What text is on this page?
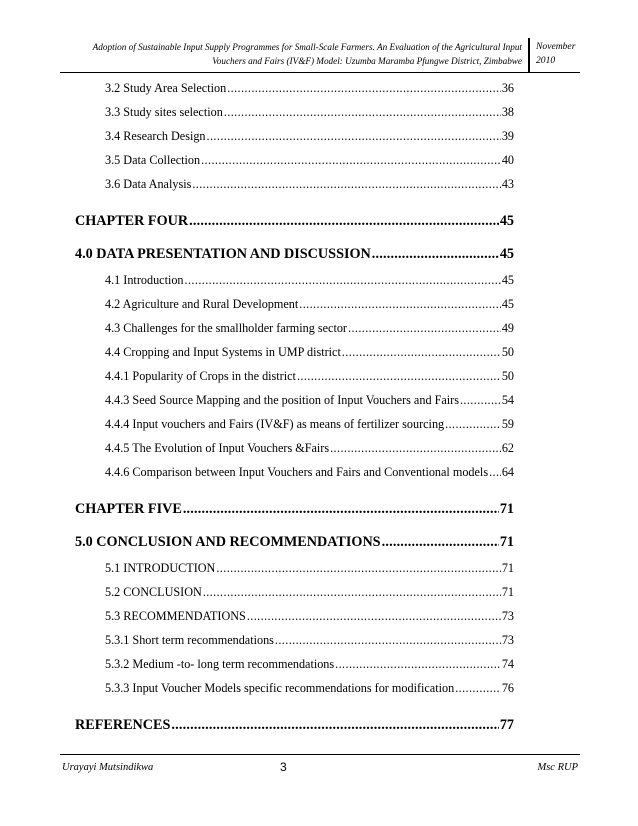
Adoption of Sustainable Input Supply Programmes for Small-Scale Farmers. An Evaluation of the Agricultural Input
Vouchers and Fairs (IV&F) Model: Uzumba Maramba Pfungwe District, Zimbabwe
November
2010
3.2 Study Area Selection .....	36
3.3 Study sites selection .....	38
3.4 Research Design .....	39
3.5 Data Collection .....	40
3.6 Data Analysis .....	43
CHAPTER FOUR .....	45
4.0 DATA PRESENTATION AND DISCUSSION .....	45
4.1 Introduction .....	45
4.2 Agriculture and Rural Development .....	45
4.3 Challenges for the smallholder farming sector .....	49
4.4 Cropping and Input Systems in UMP district .....	50
4.4.1 Popularity of Crops in the district .....	50
4.4.3 Seed Source Mapping and the position of Input Vouchers and Fairs .....	54
4.4.4 Input vouchers and Fairs (IV&F) as means of fertilizer sourcing .....	59
4.4.5 The Evolution of Input Vouchers &Fairs .....	62
4.4.6 Comparison between Input Vouchers and Fairs and Conventional models ..... 64
CHAPTER FIVE .....	71
5.0 CONCLUSION AND RECOMMENDATIONS .....	71
5.1 INTRODUCTION .....	71
5.2 CONCLUSION .....	71
5.3 RECOMMENDATIONS .....	73
5.3.1 Short term recommendations .....	73
5.3.2 Medium -to- long term recommendations .....	74
5.3.3 Input Voucher Models specific recommendations for modification .....	76
REFERENCES .....	77
Urayayi Mutsindikwa	3	Msc RUP
